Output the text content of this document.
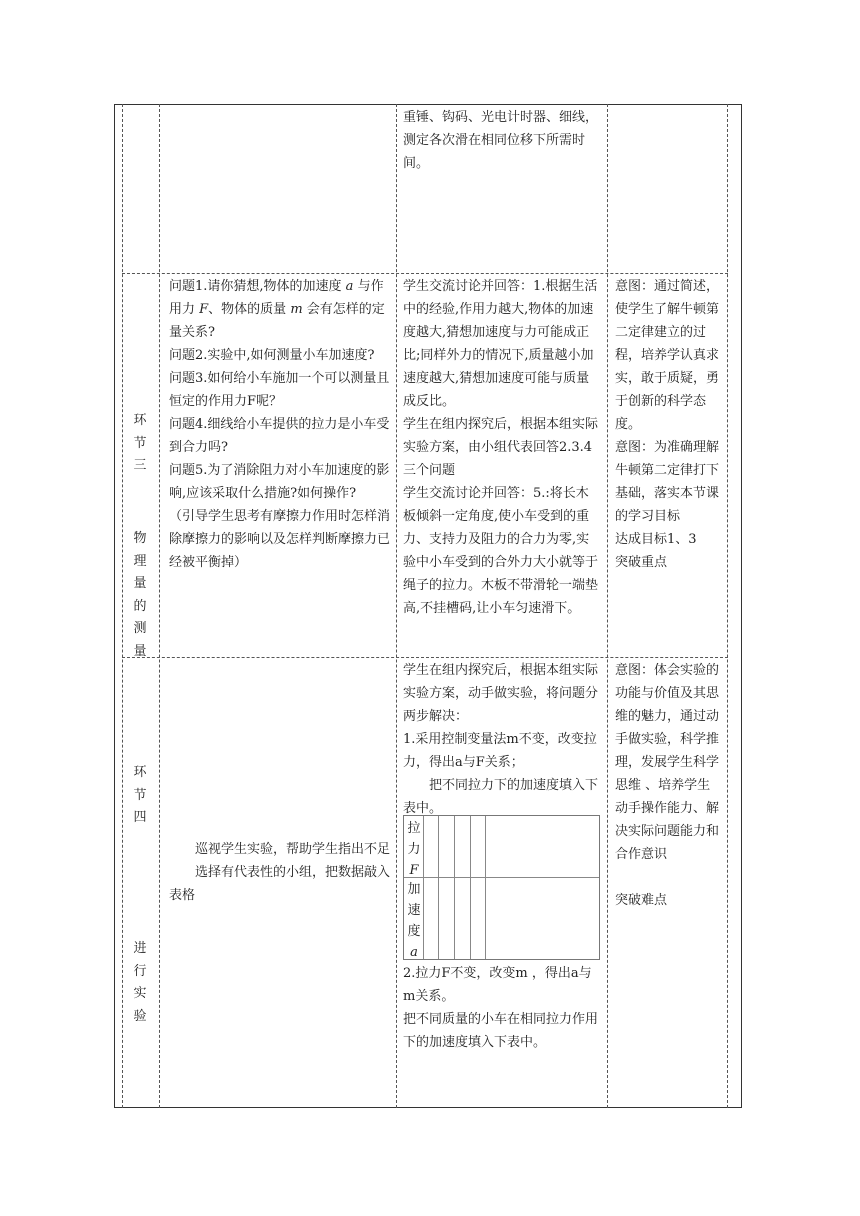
重锤、钩码、光电计时器、细线，测定各次滑在相同位移下所需时间。
环
节
三
物
理
量
的
测
量

问题1.请你猜想,物体的加速度 a 与作用力 F、物体的质量 m 会有怎样的定量关系?

问题2.实验中,如何测量小车加速度?

问题3.如何给小车施加一个可以测量且恒定的作用力F呢？

问题4.细线给小车提供的拉力是小车受到合力吗?

问题5.为了消除阻力对小车加速度的影响,应该采取什么措施?如何操作?

（引导学生思考有摩擦力作用时怎样消除摩擦力的影响以及怎样判断摩擦力已经被平衡掉）

学生交流讨论并回答：1.根据生活中的经验,作用力越大,物体的加速度越大,猜想加速度与力可能成正比;同样外力的情况下,质量越小加速度越大,猜想加速度可能与质量成反比。

学生在组内探究后，根据本组实际实验方案，由小组代表回答2.3.4三个问题

学生交流讨论并回答：5.:将长木板倾斜一定角度,使小车受到的重力、支持力及阻力的合力为零,实验中小车受到的合外力大小就等于绳子的拉力。木板不带滑轮一端垫高,不挂槽码,让小车匀速滑下。

意图：通过简述，使学生了解牛顿第二定律建立的过程，培养学认真求实，敢于质疑，勇于创新的科学态度。

意图：为准确理解牛顿第二定律打下基础，落实本节课的学习目标

达成目标1、3

突破重点

环
节
四
进
行
实
验

巡视学生实验，帮助学生指出不足

选择有代表性的小组，把数据敲入表格

学生在组内探究后，根据本组实际实验方案，动手做实验，将问题分两步解决：

1.采用控制变量法m不变，改变拉力，得出a与F关系；

把不同拉力下的加速度填入下表中。

拉
力
F
加
速
度
a

2.拉力F不变，改变m ，得出a与m关系。

把不同质量的小车在相同拉力作用下的加速度填入下表中。

意图：体会实验的功能与价值及其思维的魅力，通过动手做实验，科学推理，发展学生科学思维 、培养学生动手操作能力、解决实际问题能力和合作意识

突破难点
